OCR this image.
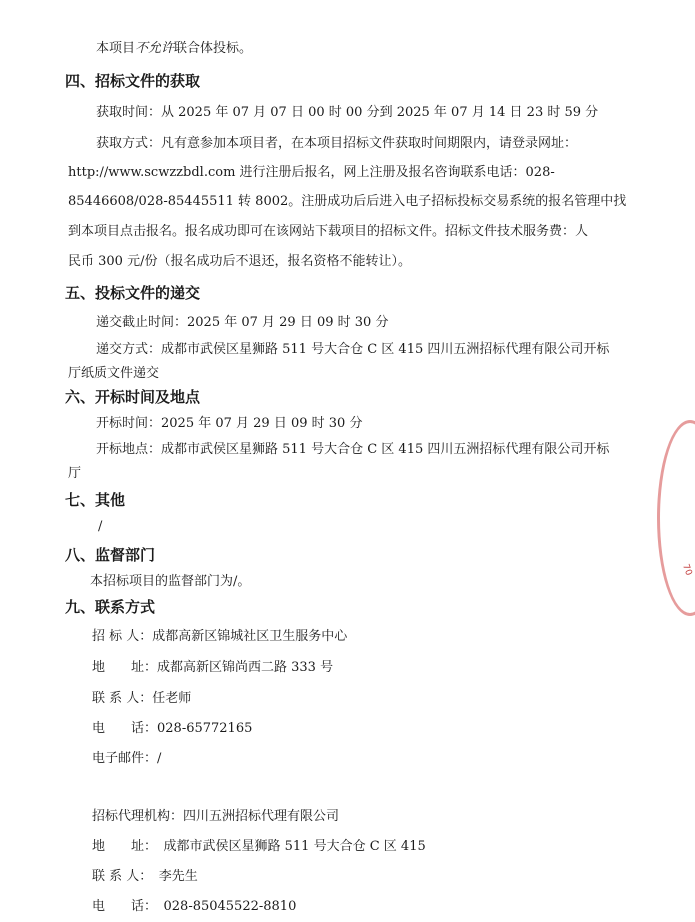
本项目不允许联合体投标。
四、招标文件的获取
获取时间：从 2025 年 07 月 07 日 00 时 00 分到 2025 年 07 月 14 日 23 时 59 分
获取方式：凡有意参加本项目者，在本项目招标文件获取时间期限内，请登录网址：
http://www.scwzzbdl.com 进行注册后报名，网上注册及报名咨询联系电话：028-
85446608/028-85445511 转 8002。注册成功后后进入电子招标投标交易系统的报名管理中找
到本项目点击报名。报名成功即可在该网站下载项目的招标文件。招标文件技术服务费：人
民币 300 元/份（报名成功后不退还，报名资格不能转让）。
五、投标文件的递交
递交截止时间：2025 年 07 月 29 日 09 时 30 分
递交方式：成都市武侯区星狮路 511 号大合仓 C 区 415 四川五洲招标代理有限公司开标
厅纸质文件递交
六、开标时间及地点
开标时间：2025 年 07 月 29 日 09 时 30 分
开标地点：成都市武侯区星狮路 511 号大合仓 C 区 415 四川五洲招标代理有限公司开标
厅
七、其他
/
八、监督部门
本招标项目的监督部门为/。
九、联系方式
招 标 人：成都高新区锦城社区卫生服务中心
地　　址：成都高新区锦尚西二路 333 号
联 系 人：任老师
电　　话：028-65772165
电子邮件：/
招标代理机构：四川五洲招标代理有限公司
地　　址：　成都市武侯区星狮路 511 号大合仓 C 区 415
联 系 人：　李先生
电　　话：　028-85045522-8810
70
